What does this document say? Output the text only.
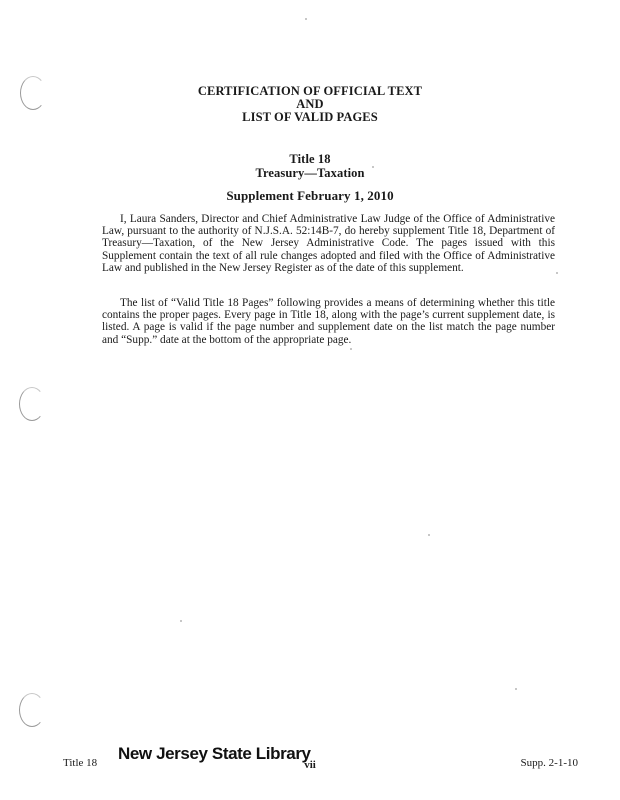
CERTIFICATION OF OFFICIAL TEXT
AND
LIST OF VALID PAGES
Title 18
Treasury—Taxation
Supplement February 1, 2010

I, Laura Sanders, Director and Chief Administrative Law Judge of the Office of Administrative Law, pursuant to the authority of N.J.S.A. 52:14B-7, do hereby supplement Title 18, Department of Treasury—Taxation, of the New Jersey Administrative Code. The pages issued with this Supplement contain the text of all rule changes adopted and filed with the Office of Administrative Law and published in the New Jersey Register as of the date of this supplement.

The list of “Valid Title 18 Pages” following provides a means of determining whether this title contains the proper pages. Every page in Title 18, along with the page’s current supplement date, is listed. A page is valid if the page number and supplement date on the list match the page number and “Supp.” date at the bottom of the appropriate page.

Title 18 New Jersey State Library
vii	Supp. 2-1-10
